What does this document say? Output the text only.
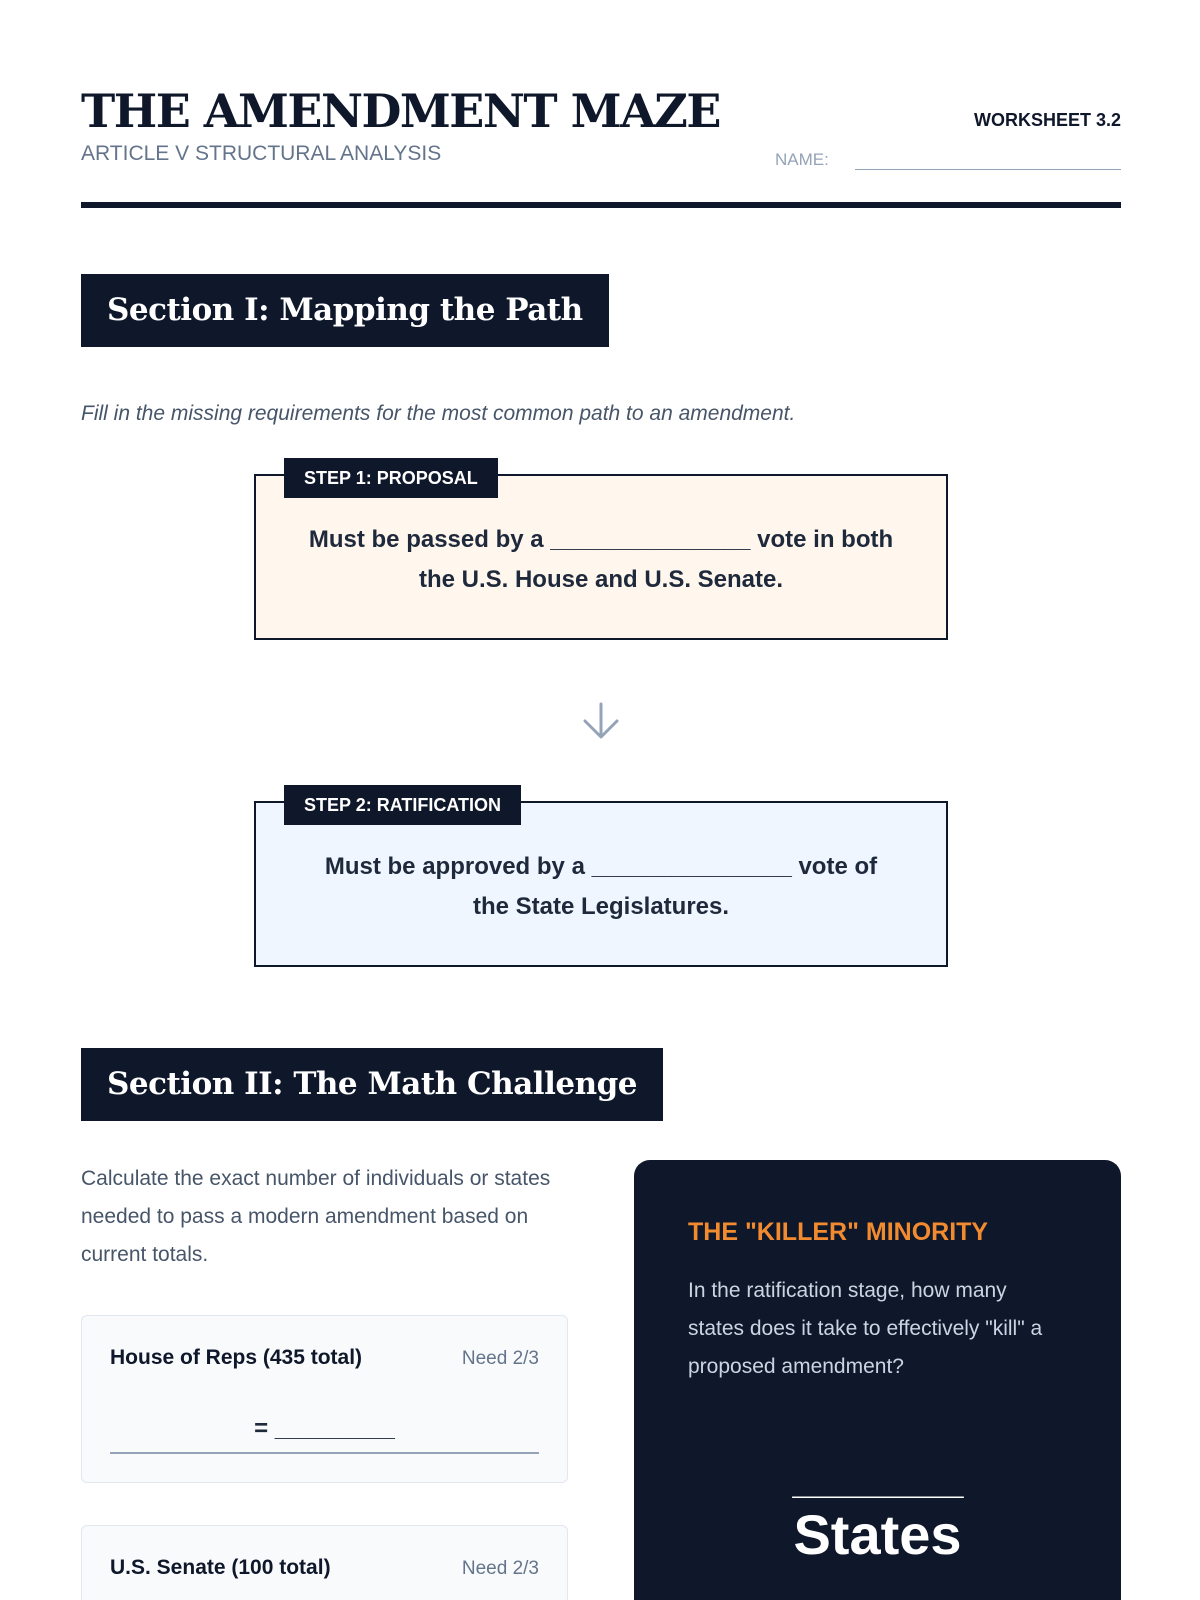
THE AMENDMENT MAZE
ARTICLE V STRUCTURAL ANALYSIS
WORKSHEET 3.2
NAME:
Section I: Mapping the Path
Fill in the missing requirements for the most common path to an amendment.
STEP 1: PROPOSAL
Must be passed by a _______________ vote in both the U.S. House and U.S. Senate.
STEP 2: RATIFICATION
Must be approved by a _______________ vote of the State Legislatures.
Section II: The Math Challenge
Calculate the exact number of individuals or states needed to pass a modern amendment based on current totals.
House of Reps (435 total)	Need 2/3
= _________
U.S. Senate (100 total)	Need 2/3
THE "KILLER" MINORITY
In the ratification stage, how many states does it take to effectively "kill" a proposed amendment?
________
States
